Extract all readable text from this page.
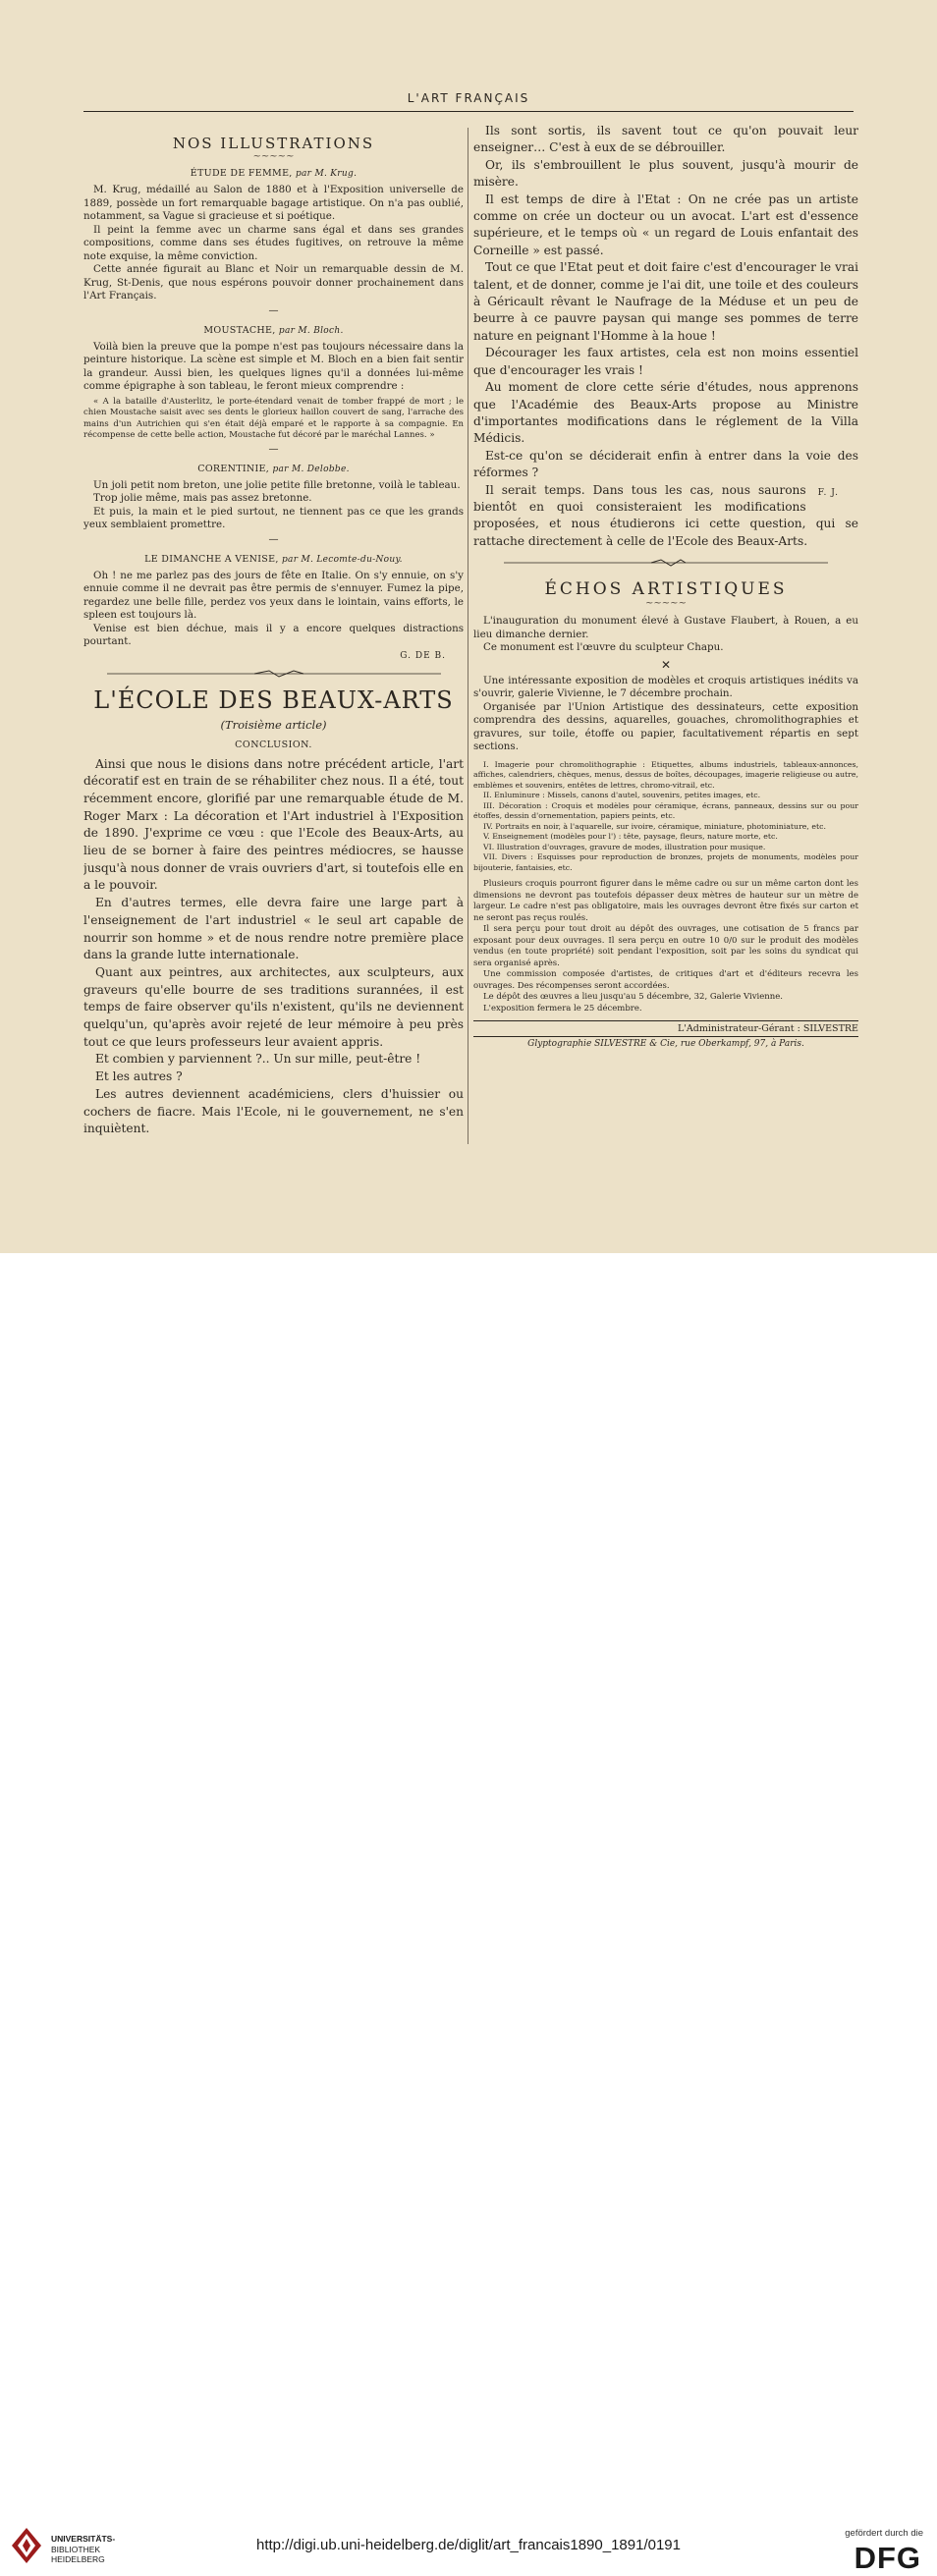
L'ART FRANÇAIS
NOS ILLUSTRATIONS
~~~~~
ÉTUDE DE FEMME, par M. Krug.

M. Krug, médaillé au Salon de 1880 et à l'Exposition universelle de 1889, possède un fort remarquable bagage artistique. On n'a pas oublié, notamment, sa Vague si gracieuse et si poétique.

Il peint la femme avec un charme sans égal et dans ses grandes compositions, comme dans ses études fugitives, on retrouve la même note exquise, la même conviction.

Cette année figurait au Blanc et Noir un remarquable dessin de M. Krug, St-Denis, que nous espérons pouvoir donner prochainement dans l'Art Français.

—
MOUSTACHE, par M. Bloch.

Voilà bien la preuve que la pompe n'est pas toujours nécessaire dans la peinture historique. La scène est simple et M. Bloch en a bien fait sentir la grandeur. Aussi bien, les quelques lignes qu'il a données lui-même comme épigraphe à son tableau, le feront mieux comprendre :

« A la bataille d'Austerlitz, le porte-étendard venait de tomber frappé de mort ; le chien Moustache saisit avec ses dents le glorieux haillon couvert de sang, l'arrache des mains d'un Autrichien qui s'en était déjà emparé et le rapporte à sa compagnie. En récompense de cette belle action, Moustache fut décoré par le maréchal Lannes. »

—
CORENTINIE, par M. Delobbe.

Un joli petit nom breton, une jolie petite fille bretonne, voilà le tableau.

Trop jolie même, mais pas assez bretonne.

Et puis, la main et le pied surtout, ne tiennent pas ce que les grands yeux semblaient promettre.

—
LE DIMANCHE A VENISE, par M. Lecomte-du-Nouy.

Oh ! ne me parlez pas des jours de fête en Italie. On s'y ennuie, on s'y ennuie comme il ne devrait pas être permis de s'ennuyer. Fumez la pipe, regardez une belle fille, perdez vos yeux dans le lointain, vains efforts, le spleen est toujours là.

Venise est bien déchue, mais il y a encore quelques distractions pourtant.

G. DE B.
L'ÉCOLE DES BEAUX-ARTS
(Troisième article)
CONCLUSION.

Ainsi que nous le disions dans notre précédent article, l'art décoratif est en train de se réhabiliter chez nous. Il a été, tout récemment encore, glorifié par une remarquable étude de M. Roger Marx : La décoration et l'Art industriel à l'Exposition de 1890. J'exprime ce vœu : que l'Ecole des Beaux-Arts, au lieu de se borner à faire des peintres médiocres, se hausse jusqu'à nous donner de vrais ouvriers d'art, si toutefois elle en a le pouvoir.

En d'autres termes, elle devra faire une large part à l'enseignement de l'art industriel « le seul art capable de nourrir son homme » et de nous rendre notre première place dans la grande lutte internationale.

Quant aux peintres, aux architectes, aux sculpteurs, aux graveurs qu'elle bourre de ses traditions surannées, il est temps de faire observer qu'ils n'existent, qu'ils ne deviennent quelqu'un, qu'après avoir rejeté de leur mémoire à peu près tout ce que leurs professeurs leur avaient appris.

Et combien y parviennent ?.. Un sur mille, peut-être !

Et les autres ?

Les autres deviennent académiciens, clers d'huissier ou cochers de fiacre. Mais l'Ecole, ni le gouvernement, ne s'en inquiètent.

Ils sont sortis, ils savent tout ce qu'on pouvait leur enseigner… C'est à eux de se débrouiller.

Or, ils s'embrouillent le plus souvent, jusqu'à mourir de misère.

Il est temps de dire à l'Etat : On ne crée pas un artiste comme on crée un docteur ou un avocat. L'art est d'essence supérieure, et le temps où « un regard de Louis enfantait des Corneille » est passé.

Tout ce que l'Etat peut et doit faire c'est d'encourager le vrai talent, et de donner, comme je l'ai dit, une toile et des couleurs à Géricault rêvant le Naufrage de la Méduse et un peu de beurre à ce pauvre paysan qui mange ses pommes de terre nature en peignant l'Homme à la houe !

Décourager les faux artistes, cela est non moins essentiel que d'encourager les vrais !

Au moment de clore cette série d'études, nous apprenons que l'Académie des Beaux-Arts propose au Ministre d'importantes modifications dans le réglement de la Villa Médicis.

Est-ce qu'on se déciderait enfin à entrer dans la voie des réformes ?

F. J.
Il serait temps. Dans tous les cas, nous saurons bientôt en quoi consisteraient les modifications proposées, et nous étudierons ici cette question, qui se rattache directement à celle de l'Ecole des Beaux-Arts.

ÉCHOS ARTISTIQUES
~~~~~

L'inauguration du monument élevé à Gustave Flaubert, à Rouen, a eu lieu dimanche dernier.

Ce monument est l'œuvre du sculpteur Chapu.

✕

Une intéressante exposition de modèles et croquis artistiques inédits va s'ouvrir, galerie Vivienne, le 7 décembre prochain.

Organisée par l'Union Artistique des dessinateurs, cette exposition comprendra des dessins, aquarelles, gouaches, chromolithographies et gravures, sur toile, étoffe ou papier, facultativement répartis en sept sections.

I. Imagerie pour chromolithographie : Etiquettes, albums industriels, tableaux-annonces, affiches, calendriers, chèques, menus, dessus de boîtes, découpages, imagerie religieuse ou autre, emblèmes et souvenirs, entêtes de lettres, chromo-vitrail, etc.

II. Enluminure : Missels, canons d'autel, souvenirs, petites images, etc.

III. Décoration : Croquis et modèles pour céramique, écrans, panneaux, dessins sur ou pour étoffes, dessin d'ornementation, papiers peints, etc.

IV. Portraits en noir, à l'aquarelle, sur ivoire, céramique, miniature, photominiature, etc.

V. Enseignement (modèles pour l') : tête, paysage, fleurs, nature morte, etc.

VI. Illustration d'ouvrages, gravure de modes, illustration pour musique.

VII. Divers : Esquisses pour reproduction de bronzes, projets de monuments, modèles pour bijouterie, fantaisies, etc.

Plusieurs croquis pourront figurer dans le même cadre ou sur un même carton dont les dimensions ne devront pas toutefois dépasser deux mètres de hauteur sur un mètre de largeur. Le cadre n'est pas obligatoire, mais les ouvrages devront être fixés sur carton et ne seront pas reçus roulés.

Il sera perçu pour tout droit au dépôt des ouvrages, une cotisation de 5 francs par exposant pour deux ouvrages. Il sera perçu en outre 10 0/0 sur le produit des modèles vendus (en toute propriété) soit pendant l'exposition, soit par les soins du syndicat qui sera organisé après.

Une commission composée d'artistes, de critiques d'art et d'éditeurs recevra les ouvrages. Des récompenses seront accordées.

Le dépôt des œuvres a lieu jusqu'au 5 décembre, 32, Galerie Vivienne.

L'exposition fermera le 25 décembre.

L'Administrateur-Gérant : SILVESTRE
Glyptographie SILVESTRE & Cie, rue Oberkampf, 97, à Paris.
UNIVERSITÄTS-
BIBLIOTHEK
HEIDELBERG
http://digi.ub.uni-heidelberg.de/diglit/art_francais1890_1891/0191
gefördert durch die
DFG
